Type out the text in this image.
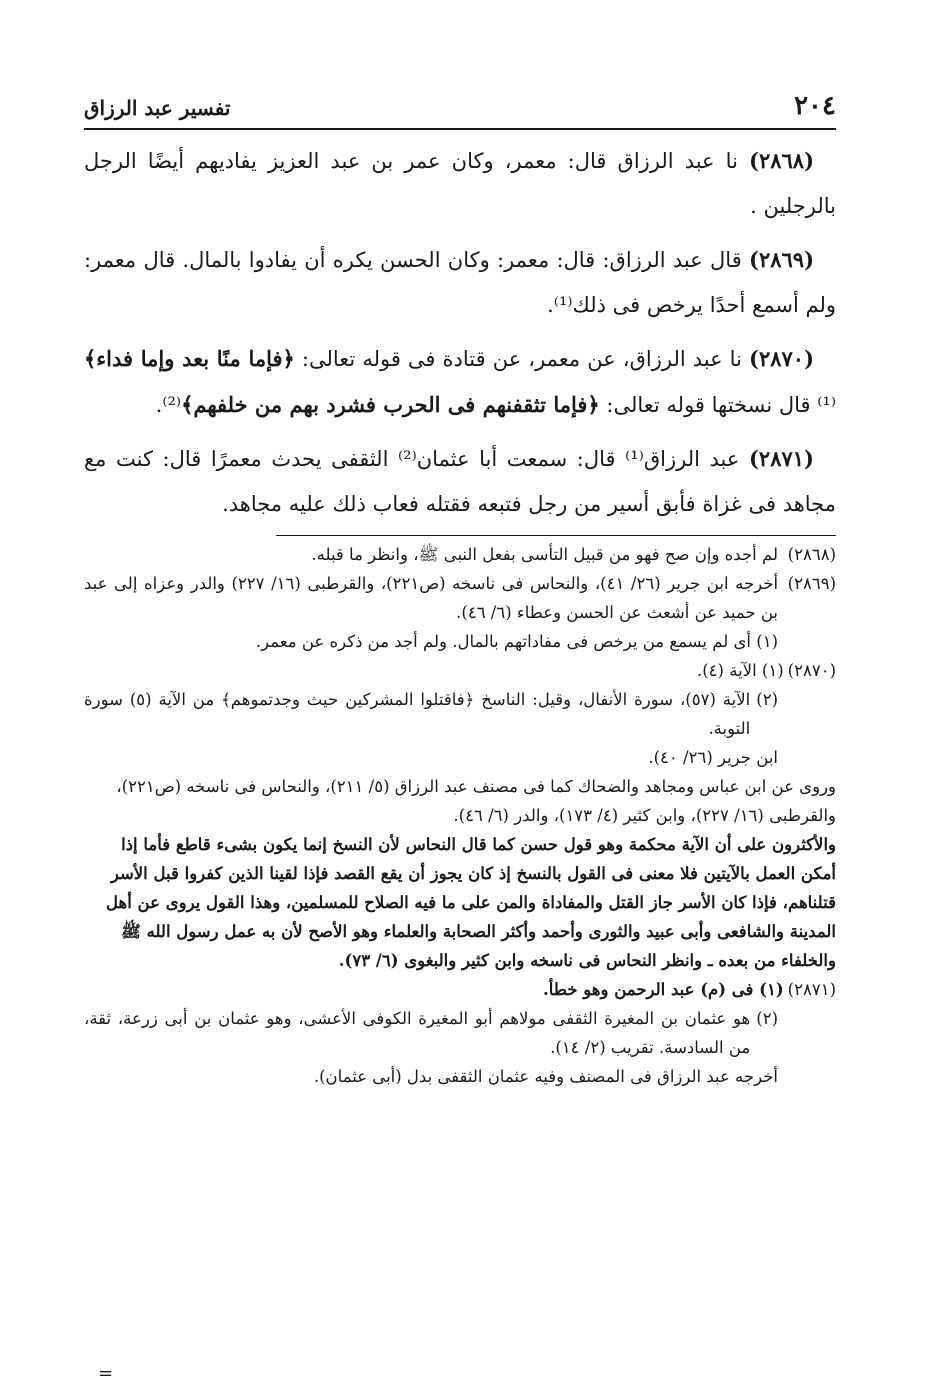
٢٠٤
تفسير عبد الرزاق

(٢٨٦٨) نا عبد الرزاق قال: معمر، وكان عمر بن عبد العزيز يفاديهم أيضًا الرجل بالرجلين .

(٢٨٦٩) قال عبد الرزاق: قال: معمر: وكان الحسن يكره أن يفادوا بالمال. قال معمر: ولم أسمع أحدًا يرخص فى ذلك⁽¹⁾.

(٢٨٧٠) نا عبد الرزاق، عن معمر، عن قتادة فى قوله تعالى: ﴿فإما منًا بعد وإما فداء﴾⁽¹⁾ قال نسختها قوله تعالى: ﴿فإما تثقفنهم فى الحرب فشرد بهم من خلفهم﴾⁽²⁾.

(٢٨٧١) عبد الرزاق⁽¹⁾ قال: سمعت أبا عثمان⁽²⁾ الثقفى يحدث معمرًا قال: كنت مع مجاهد فى غزاة فأبق أسير من رجل فتبعه فقتله فعاب ذلك عليه مجاهد.

(٢٨٦٨)
لم أجده وإن صح فهو من قبيل التأسى بفعل النبى ﷺ، وانظر ما قبله.
(٢٨٦٩)
أخرجه ابن جرير (٢٦/ ٤١)، والنحاس فى ناسخه (ص٢٢١)، والقرطبى (١٦/ ٢٢٧) والدر وعزاه إلى عبد بن حميد عن أشعث عن الحسن وعطاء (٦/ ٤٦).
(١) أى لم يسمع من يرخص فى مفاداتهم بالمال. ولم أجد من ذكره عن معمر.
(٢٨٧٠)
(١) الآية (٤).
(٢)
الآية (٥٧)، سورة الأنفال، وقيل: الناسخ ﴿فاقتلوا المشركين حيث وجدتموهم﴾ من الآية (٥) سورة التوبة.
ابن جرير (٢٦/ ٤٠).
وروى عن ابن عباس ومجاهد والضحاك كما فى مصنف عبد الرزاق (٥/ ٢١١)، والنحاس فى ناسخه (ص٢٢١)، والقرطبى (١٦/ ٢٢٧)، وابن كثير (٤/ ١٧٣)، والدر (٦/ ٤٦).
والأكثرون على أن الآية محكمة وهو قول حسن كما قال النحاس لأن النسخ إنما يكون بشىء قاطع فأما إذا أمكن العمل بالآيتين فلا معنى فى القول بالنسخ إذ كان يجوز أن يقع القصد فإذا لقينا الذين كفروا قبل الأسر قتلناهم، فإذا كان الأسر جاز القتل والمفاداة والمن على ما فيه الصلاح للمسلمين، وهذا القول يروى عن أهل المدينة والشافعى وأبى عبيد والثورى وأحمد وأكثر الصحابة والعلماء وهو الأصح لأن به عمل رسول الله ﷺ والخلفاء من بعده ـ وانظر النحاس فى ناسخه وابن كثير والبغوى (٦/ ٧٣).
(٢٨٧١)
(١) فى (م) عبد الرحمن وهو خطأ.
(٢)
هو عثمان بن المغيرة الثقفى مولاهم أبو المغيرة الكوفى الأعشى، وهو عثمان بن أبى زرعة، ثقة، من السادسة. تقريب (٢/ ١٤).
أخرجه عبد الرزاق فى المصنف وفيه عثمان الثقفى بدل (أبى عثمان).
=
